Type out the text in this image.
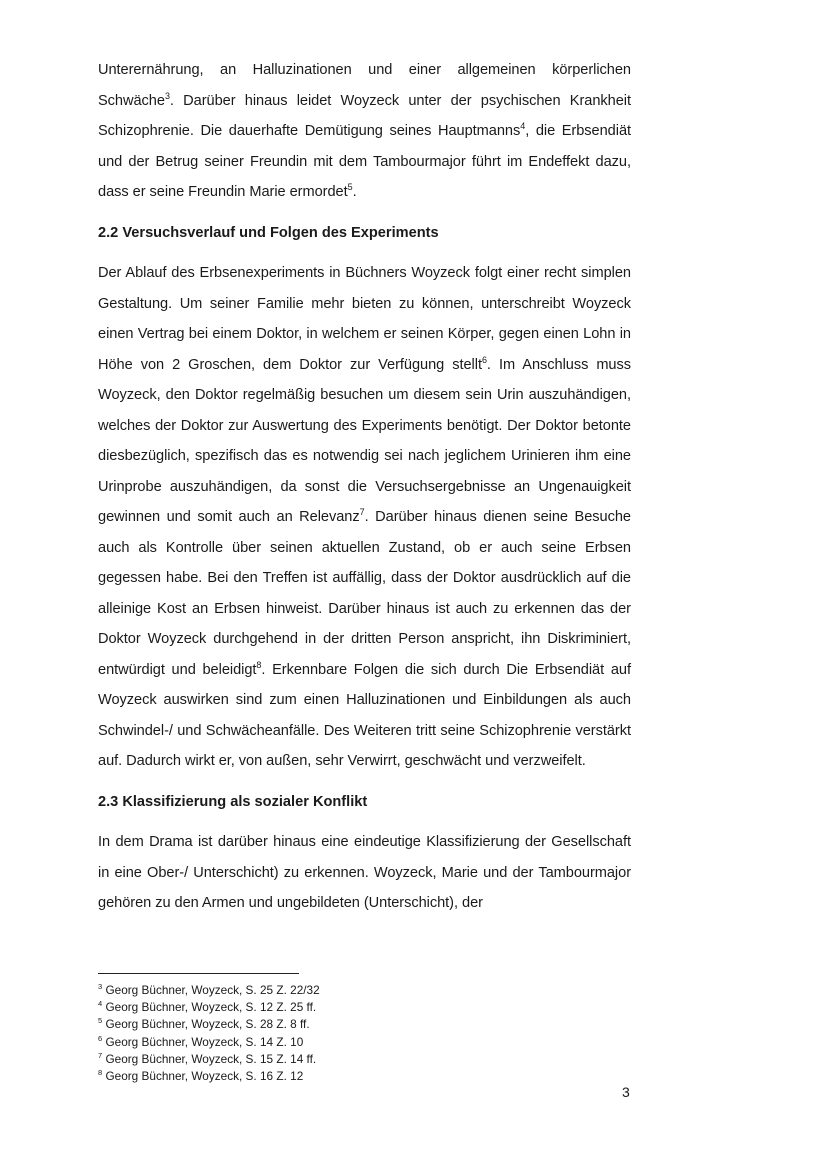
Unterernährung, an Halluzinationen und einer allgemeinen körperlichen Schwäche$^3$. Darüber hinaus leidet Woyzeck unter der psychischen Krankheit Schizophrenie. Die dauerhafte Demütigung seines Hauptmanns$^4$, die Erbsendiät und der Betrug seiner Freundin mit dem Tambourmajor führt im Endeffekt dazu, dass er seine Freundin Marie ermordet$^5$.

2.2 Versuchsverlauf und Folgen des Experiments

Der Ablauf des Erbsenexperiments in Büchners Woyzeck folgt einer recht simplen Gestaltung. Um seiner Familie mehr bieten zu können, unterschreibt Woyzeck einen Vertrag bei einem Doktor, in welchem er seinen Körper, gegen einen Lohn in Höhe von 2 Groschen, dem Doktor zur Verfügung stellt$^6$. Im Anschluss muss Woyzeck, den Doktor regelmäßig besuchen um diesem sein Urin auszuhändigen, welches der Doktor zur Auswertung des Experiments benötigt. Der Doktor betonte diesbezüglich, spezifisch das es notwendig sei nach jeglichem Urinieren ihm eine Urinprobe auszuhändigen, da sonst die Versuchsergebnisse an Ungenauigkeit gewinnen und somit auch an Relevanz$^7$. Darüber hinaus dienen seine Besuche auch als Kontrolle über seinen aktuellen Zustand, ob er auch seine Erbsen gegessen habe. Bei den Treffen ist auffällig, dass der Doktor ausdrücklich auf die alleinige Kost an Erbsen hinweist. Darüber hinaus ist auch zu erkennen das der Doktor Woyzeck durchgehend in der dritten Person anspricht, ihn Diskriminiert, entwürdigt und beleidigt$^8$. Erkennbare Folgen die sich durch Die Erbsendiät auf Woyzeck auswirken sind zum einen Halluzinationen und Einbildungen als auch Schwindel-/ und Schwächeanfälle. Des Weiteren tritt seine Schizophrenie verstärkt auf. Dadurch wirkt er, von außen, sehr Verwirrt, geschwächt und verzweifelt.

2.3 Klassifizierung als sozialer Konflikt

In dem Drama ist darüber hinaus eine eindeutige Klassifizierung der Gesellschaft in eine Ober-/ Unterschicht) zu erkennen. Woyzeck, Marie und der Tambourmajor gehören zu den Armen und ungebildeten (Unterschicht), der

$^3$ Georg Büchner, Woyzeck, S. 25 Z. 22/32
$^4$ Georg Büchner, Woyzeck, S. 12 Z. 25 ff.
$^5$ Georg Büchner, Woyzeck, S. 28 Z. 8 ff.
$^6$ Georg Büchner, Woyzeck, S. 14 Z. 10
$^7$ Georg Büchner, Woyzeck, S. 15 Z. 14 ff.
$^8$ Georg Büchner, Woyzeck, S. 16 Z. 12
3
